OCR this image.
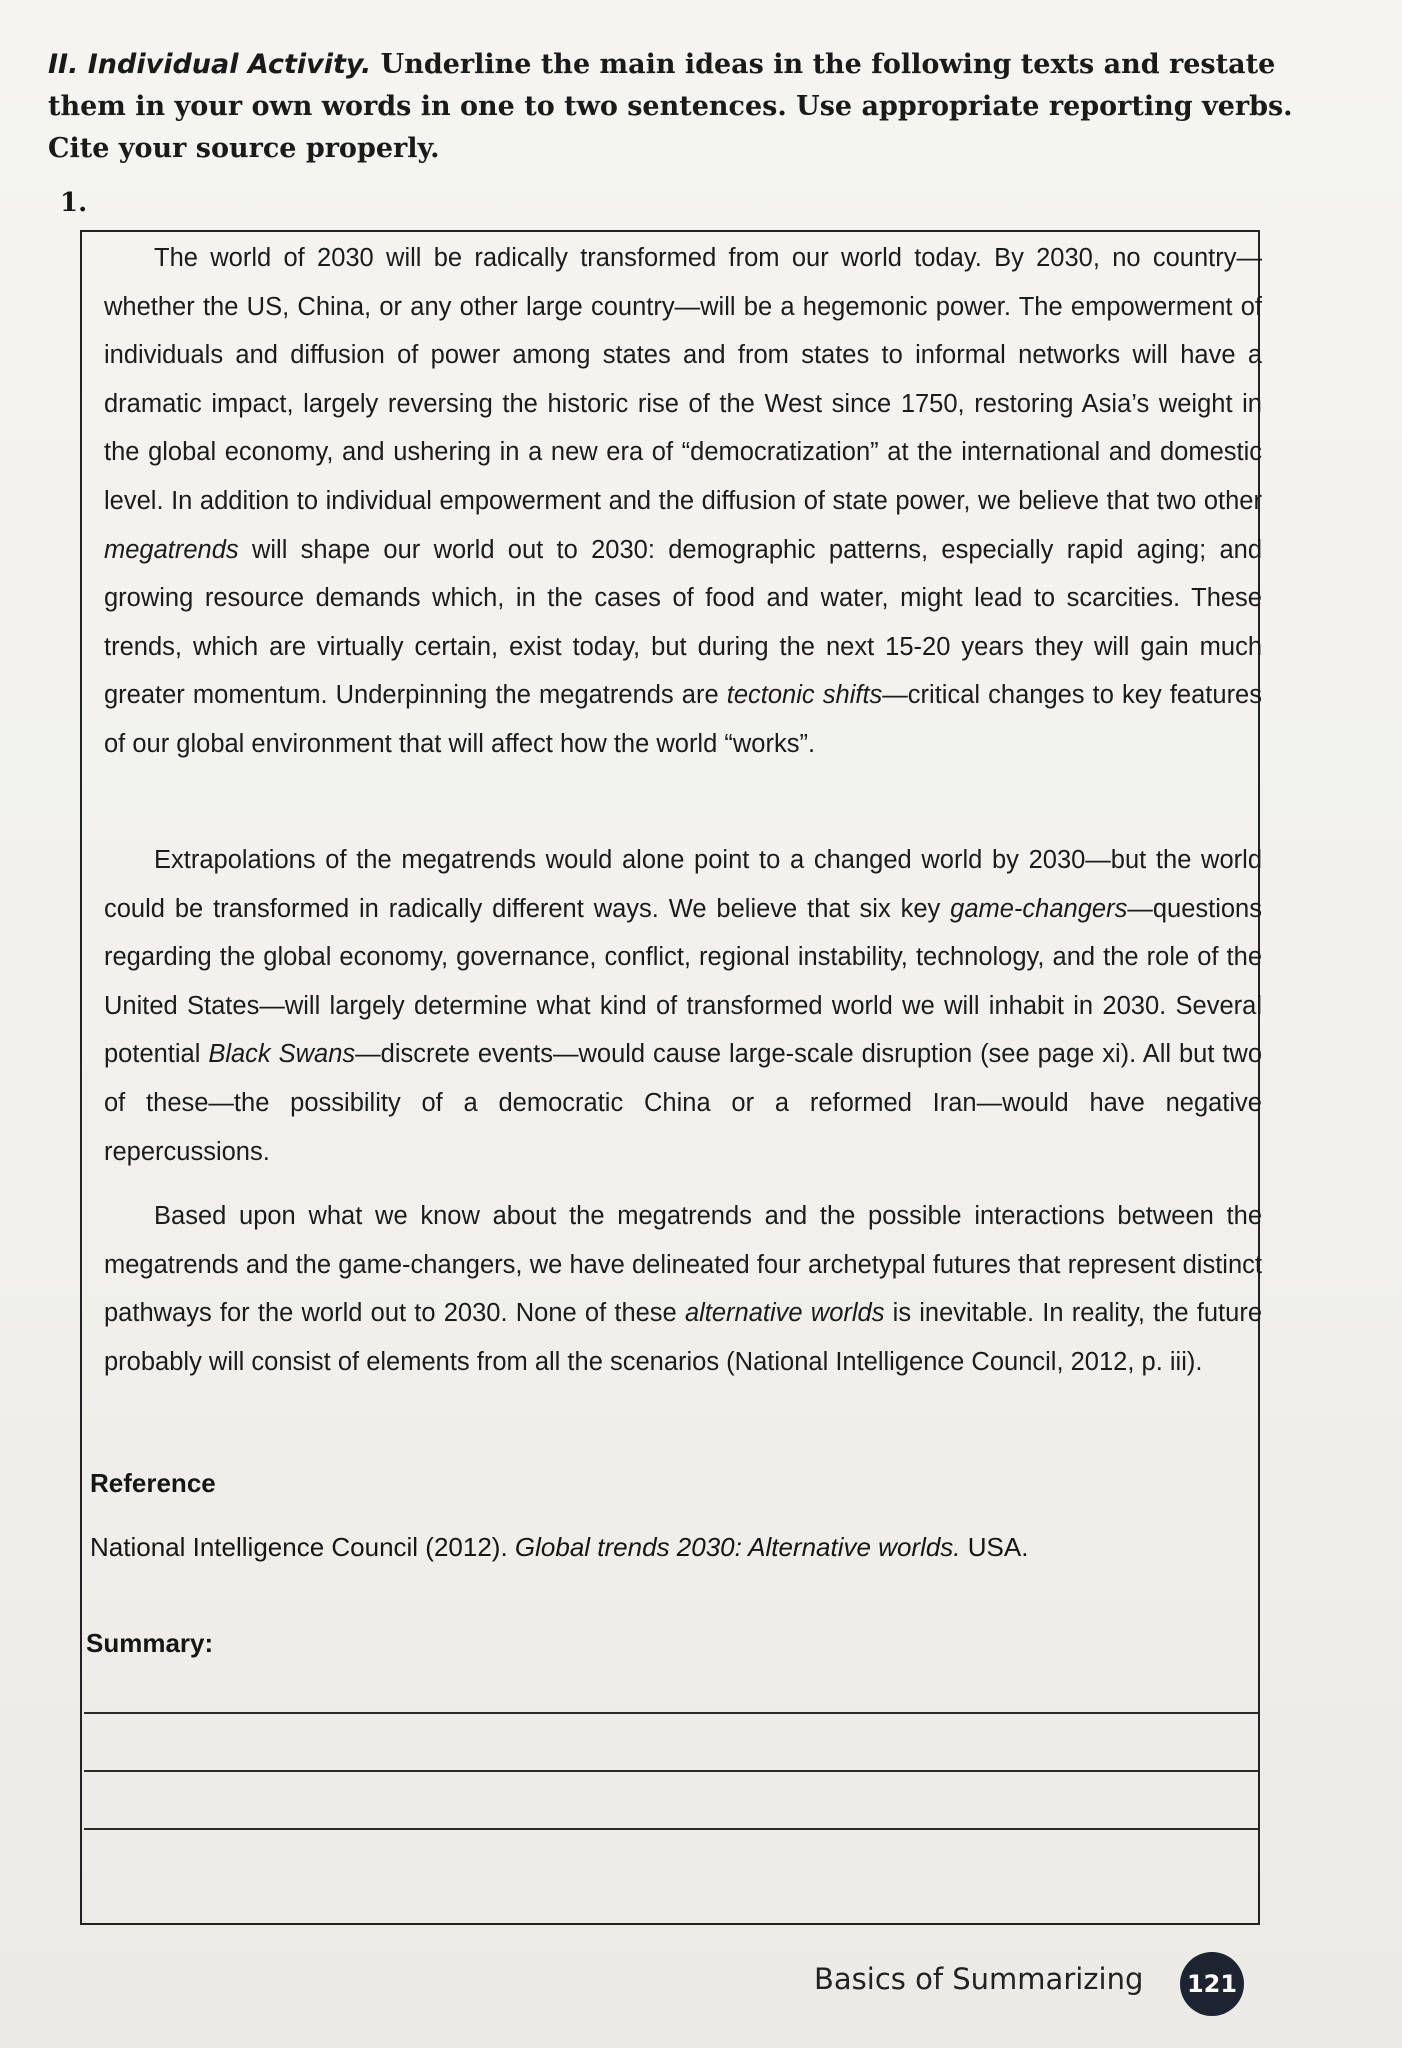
II. Individual Activity. Underline the main ideas in the following texts and restate them in your own words in one to two sentences. Use appropriate reporting verbs. Cite your source properly.
1.
The world of 2030 will be radically transformed from our world today. By 2030, no country—whether the US, China, or any other large country—will be a hegemonic power. The empowerment of individuals and diffusion of power among states and from states to informal networks will have a dramatic impact, largely reversing the historic rise of the West since 1750, restoring Asia’s weight in the global economy, and ushering in a new era of “democratization” at the international and domestic level. In addition to individual empowerment and the diffusion of state power, we believe that two other megatrends will shape our world out to 2030: demographic patterns, especially rapid aging; and growing resource demands which, in the cases of food and water, might lead to scarcities. These trends, which are virtually certain, exist today, but during the next 15-20 years they will gain much greater momentum. Underpinning the megatrends are tectonic shifts—critical changes to key features of our global environment that will affect how the world “works”.
Extrapolations of the megatrends would alone point to a changed world by 2030—but the world could be transformed in radically different ways. We believe that six key game-changers—questions regarding the global economy, governance, conflict, regional instability, technology, and the role of the United States—will largely determine what kind of transformed world we will inhabit in 2030. Several potential Black Swans—discrete events—would cause large-scale disruption (see page xi). All but two of these—the possibility of a democratic China or a reformed Iran—would have negative repercussions.
Based upon what we know about the megatrends and the possible interactions between the megatrends and the game-changers, we have delineated four archetypal futures that represent distinct pathways for the world out to 2030. None of these alternative worlds is inevitable. In reality, the future probably will consist of elements from all the scenarios (National Intelligence Council, 2012, p. iii).
Reference
National Intelligence Council (2012). Global trends 2030: Alternative worlds. USA.
Summary:
Basics of Summarizing 121
